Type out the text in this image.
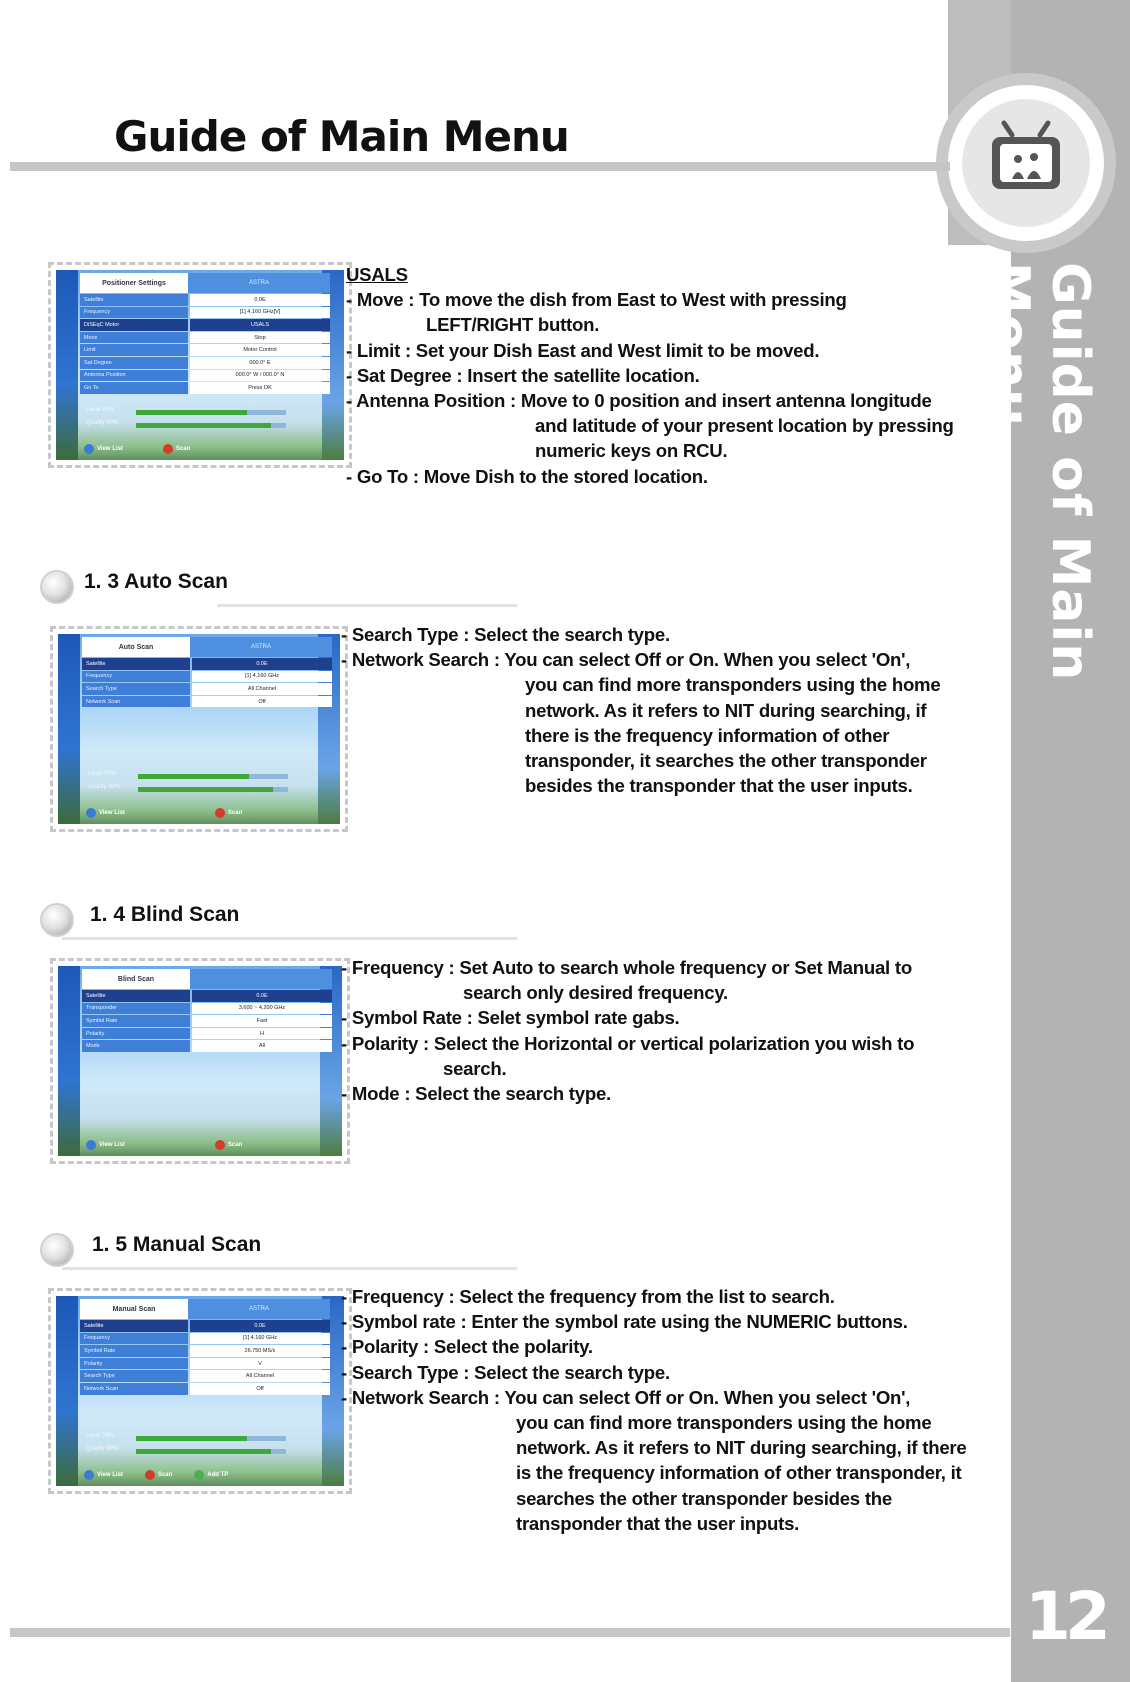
Guide of Main Menu
12
Guide of Main Menu
Positioner Settings	ASTRA
Satellite	0.0E
Frequency	[1] 4.160 GHz[V]
DiSEqC Motor	USALS
Move	Stop
Limit	Motor Control
Sat Degree	000.0° E
Antenna Position	000.0° W / 000.0° N
Go To	Press OK
Level 74%
Quality 90%
View List	Scan
USALS
- Move : To move the dish from East to West with pressing
LEFT/RIGHT button.
- Limit : Set your Dish East and West limit to be moved.
- Sat Degree : Insert the satellite location.
- Antenna Position : Move to 0 position and insert antenna longitude
and latitude of your present location by pressing
numeric keys on RCU.
- Go To : Move Dish to the stored location.
1. 3 Auto Scan
Auto Scan	ASTRA
Satellite	0.0E
Frequency	[1] 4.160 GHz
Search Type	All Channel
Network Scan	Off
Level 74%
Quality 90%
View List	Scan
- Search Type : Select the search type.
- Network Search : You can select Off or On. When you select 'On',
you can find more transponders using the home
network. As it refers to NIT during searching, if
there is the frequency information of other
transponder, it searches the other transponder
besides the transponder that the user inputs.
1. 4 Blind Scan
Blind Scan
Satellite	0.0E
Transponder	3,600 ~ 4,200 GHz
Symbol Rate	Fast
Polarity	H
Mode	All
View List	Scan
- Frequency : Set Auto to search whole frequency or Set Manual to
search only desired frequency.
- Symbol Rate : Selet symbol rate gabs.
- Polarity : Select the Horizontal or vertical polarization you wish to
search.
- Mode : Select the search type.
1. 5 Manual Scan
Manual Scan	ASTRA
Satellite	0.0E
Frequency	[1] 4.160 GHz
Symbol Rate	26.750 MS/s
Polarity	V
Search Type	All Channel
Network Scan	Off
Level 74%
Quality 90%
View List	Scan	Add TP
- Frequency : Select the frequency from the list to search.
- Symbol rate : Enter the symbol rate using the NUMERIC buttons.
- Polarity : Select the polarity.
- Search Type : Select the search type.
- Network Search : You can select Off or On. When you select 'On',
you can find more transponders using the home
network. As it refers to NIT during searching, if there
is the frequency information of other transponder, it
searches the other transponder besides the
transponder that the user inputs.
